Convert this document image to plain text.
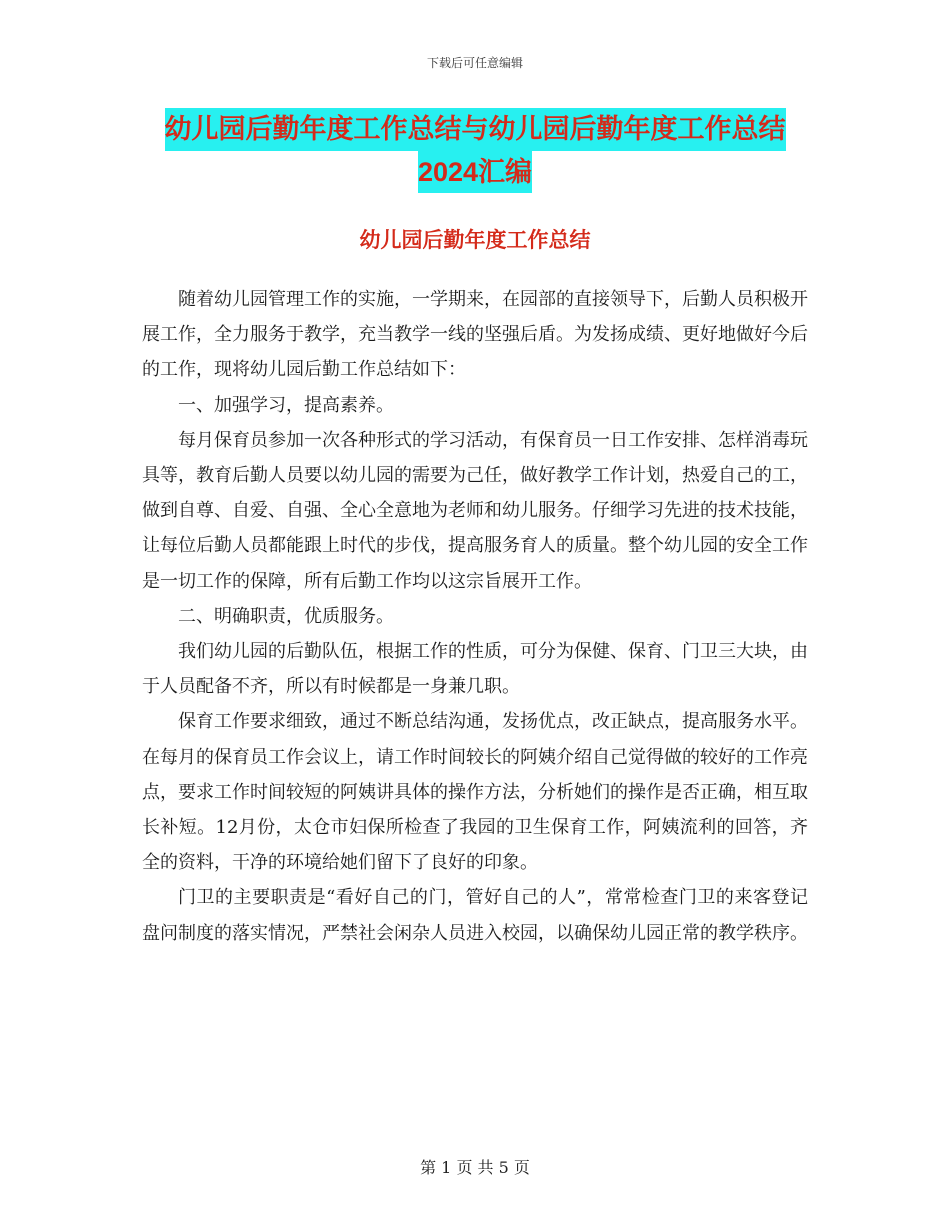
下载后可任意编辑
幼儿园后勤年度工作总结与幼儿园后勤年度工作总结
2024汇编
幼儿园后勤年度工作总结

随着幼儿园管理工作的实施，一学期来，在园部的直接领导下，后勤人员积极开展工作，全力服务于教学，充当教学一线的坚强后盾。为发扬成绩、更好地做好今后的工作，现将幼儿园后勤工作总结如下：

一、加强学习，提高素养。

每月保育员参加一次各种形式的学习活动，有保育员一日工作安排、怎样消毒玩具等，教育后勤人员要以幼儿园的需要为己任，做好教学工作计划，热爱自己的工，做到自尊、自爱、自强、全心全意地为老师和幼儿服务。仔细学习先进的技术技能，让每位后勤人员都能跟上时代的步伐，提高服务育人的质量。整个幼儿园的安全工作是一切工作的保障，所有后勤工作均以这宗旨展开工作。

二、明确职责，优质服务。

我们幼儿园的后勤队伍，根据工作的性质，可分为保健、保育、门卫三大块，由于人员配备不齐，所以有时候都是一身兼几职。

保育工作要求细致，通过不断总结沟通，发扬优点，改正缺点，提高服务水平。在每月的保育员工作会议上，请工作时间较长的阿姨介绍自己觉得做的较好的工作亮点，要求工作时间较短的阿姨讲具体的操作方法，分析她们的操作是否正确，相互取长补短。12月份，太仓市妇保所检查了我园的卫生保育工作，阿姨流利的回答，齐全的资料，干净的环境给她们留下了良好的印象。

门卫的主要职责是“看好自己的门，管好自己的人”，常常检查门卫的来客登记盘问制度的落实情况，严禁社会闲杂人员进入校园，以确保幼儿园正常的教学秩序。

第 1 页 共 5 页
